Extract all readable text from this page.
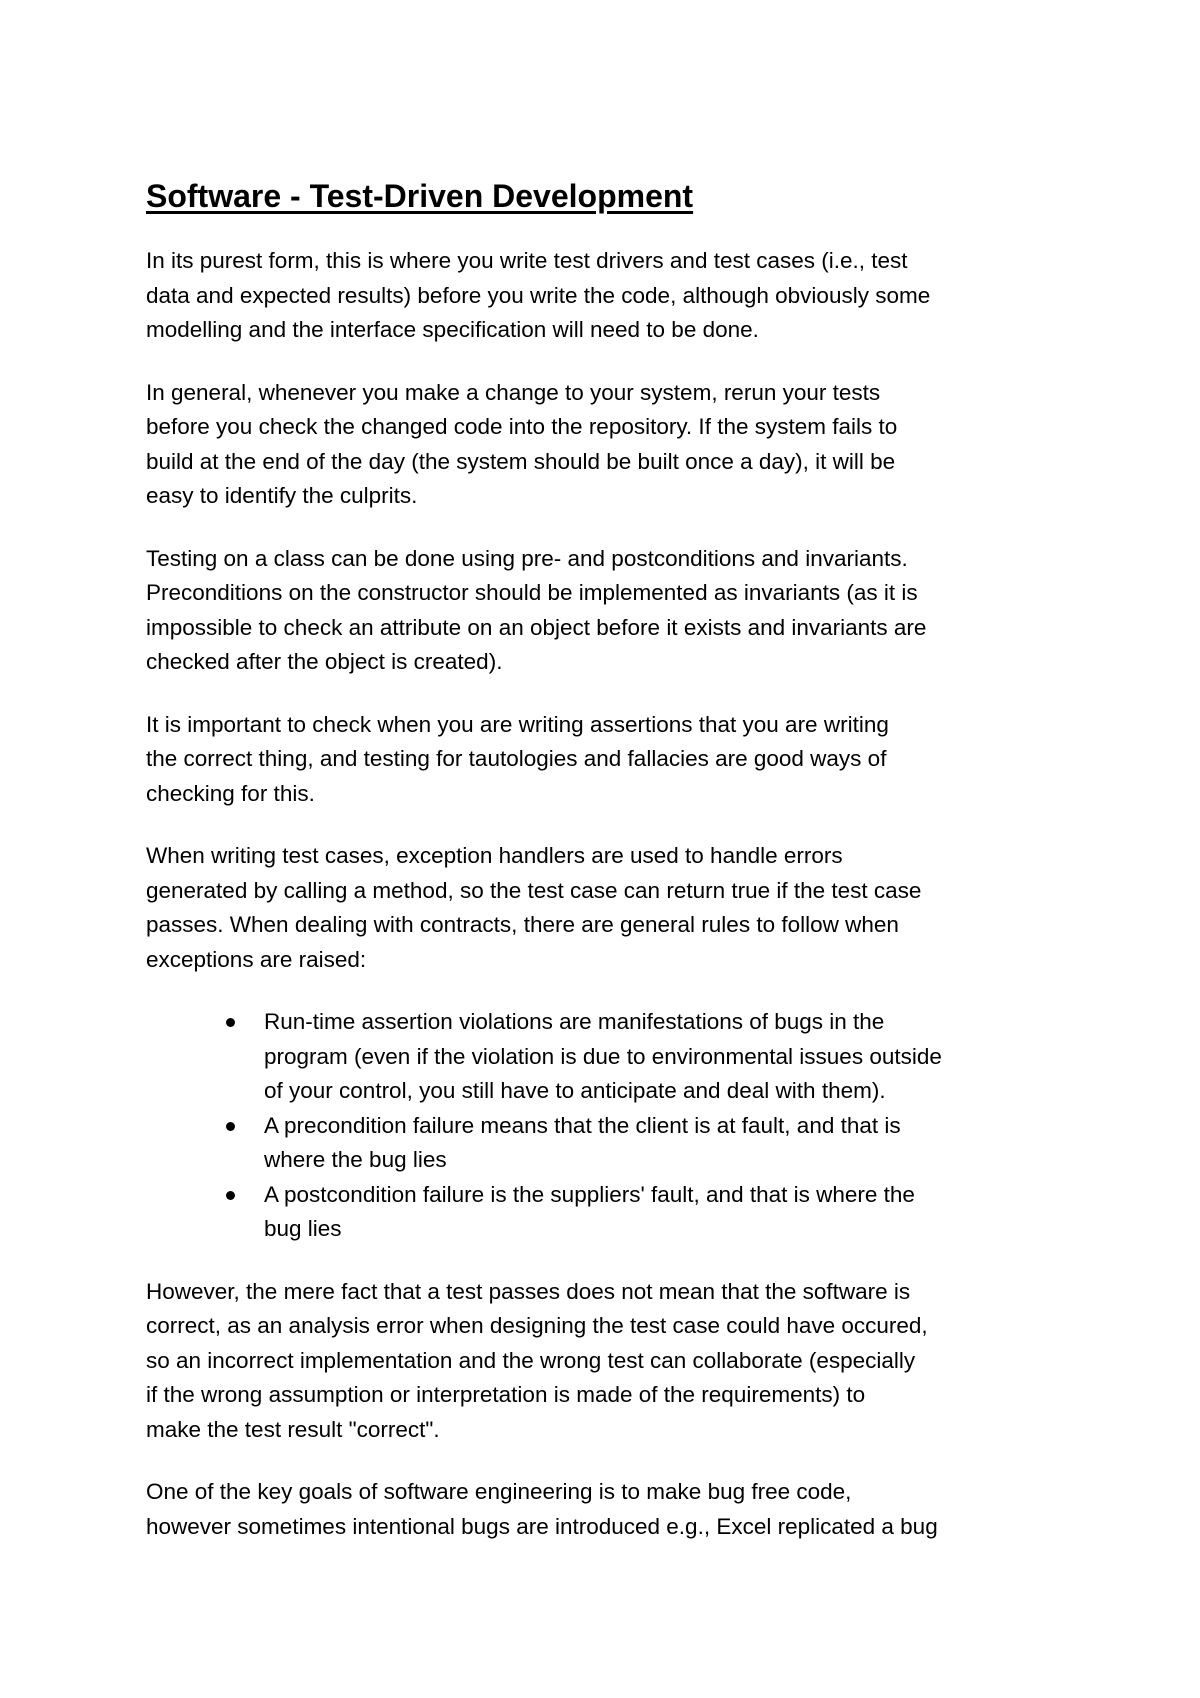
Software - Test-Driven Development

In its purest form, this is where you write test drivers and test cases (i.e., test
data and expected results) before you write the code, although obviously some
modelling and the interface specification will need to be done.

In general, whenever you make a change to your system, rerun your tests
before you check the changed code into the repository. If the system fails to
build at the end of the day (the system should be built once a day), it will be
easy to identify the culprits.

Testing on a class can be done using pre- and postconditions and invariants.
Preconditions on the constructor should be implemented as invariants (as it is
impossible to check an attribute on an object before it exists and invariants are
checked after the object is created).

It is important to check when you are writing assertions that you are writing
the correct thing, and testing for tautologies and fallacies are good ways of
checking for this.

When writing test cases, exception handlers are used to handle errors
generated by calling a method, so the test case can return true if the test case
passes. When dealing with contracts, there are general rules to follow when
exceptions are raised:

Run-time assertion violations are manifestations of bugs in the
program (even if the violation is due to environmental issues outside
of your control, you still have to anticipate and deal with them).
A precondition failure means that the client is at fault, and that is
where the bug lies
A postcondition failure is the suppliers' fault, and that is where the
bug lies

However, the mere fact that a test passes does not mean that the software is
correct, as an analysis error when designing the test case could have occured,
so an incorrect implementation and the wrong test can collaborate (especially
if the wrong assumption or interpretation is made of the requirements) to
make the test result "correct".

One of the key goals of software engineering is to make bug free code,
however sometimes intentional bugs are introduced e.g., Excel replicated a bug
